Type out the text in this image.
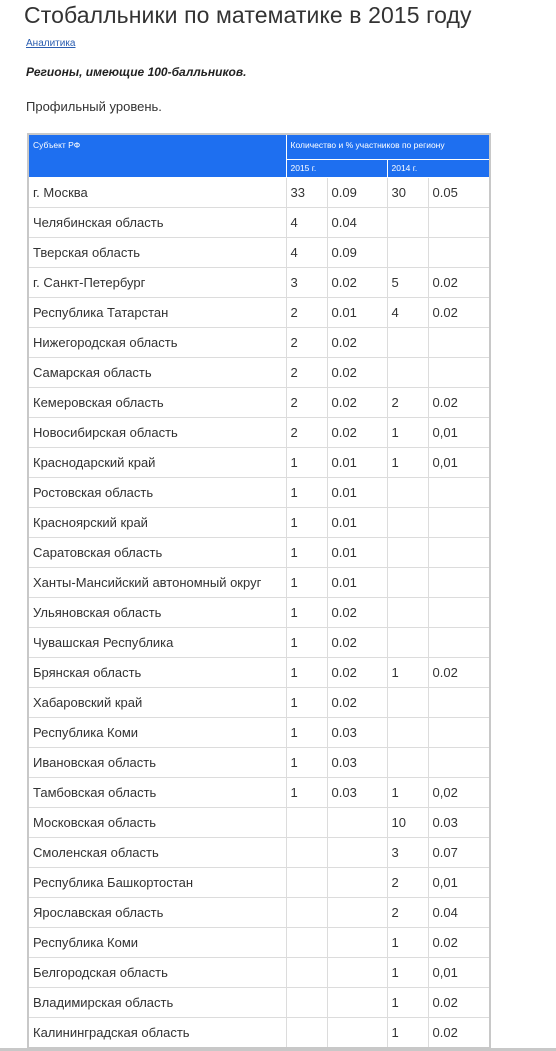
Стобалльники по математике в 2015 году
Аналитика
Регионы, имеющие 100-балльников.
Профильный уровень.
Субъект РФ	Количество и % участников по региону			
	2015 г.		2014 г.	
г. Москва	33	0.09	30	0.05
Челябинская область	4	0.04		
Тверская область	4	0.09		
г. Санкт-Петербург	3	0.02	5	0.02
Республика Татарстан	2	0.01	4	0.02
Нижегородская область	2	0.02		
Самарская область	2	0.02		
Кемеровская область	2	0.02	2	0.02
Новосибирская область	2	0.02	1	0,01
Краснодарский край	1	0.01	1	0,01
Ростовская область	1	0.01		
Красноярский край	1	0.01		
Саратовская область	1	0.01		
Ханты-Мансийский автономный округ	1	0.01		
Ульяновская область	1	0.02		
Чувашская Республика	1	0.02		
Брянская область	1	0.02	1	0.02
Хабаровский край	1	0.02		
Республика Коми	1	0.03		
Ивановская область	1	0.03		
Тамбовская область	1	0.03	1	0,02
Московская область			10	0.03
Смоленская область			3	0.07
Республика Башкортостан			2	0,01
Ярославская область			2	0.04
Республика Коми			1	0.02
Белгородская область			1	0,01
Владимирская область			1	0.02
Калининградская область			1	0.02
